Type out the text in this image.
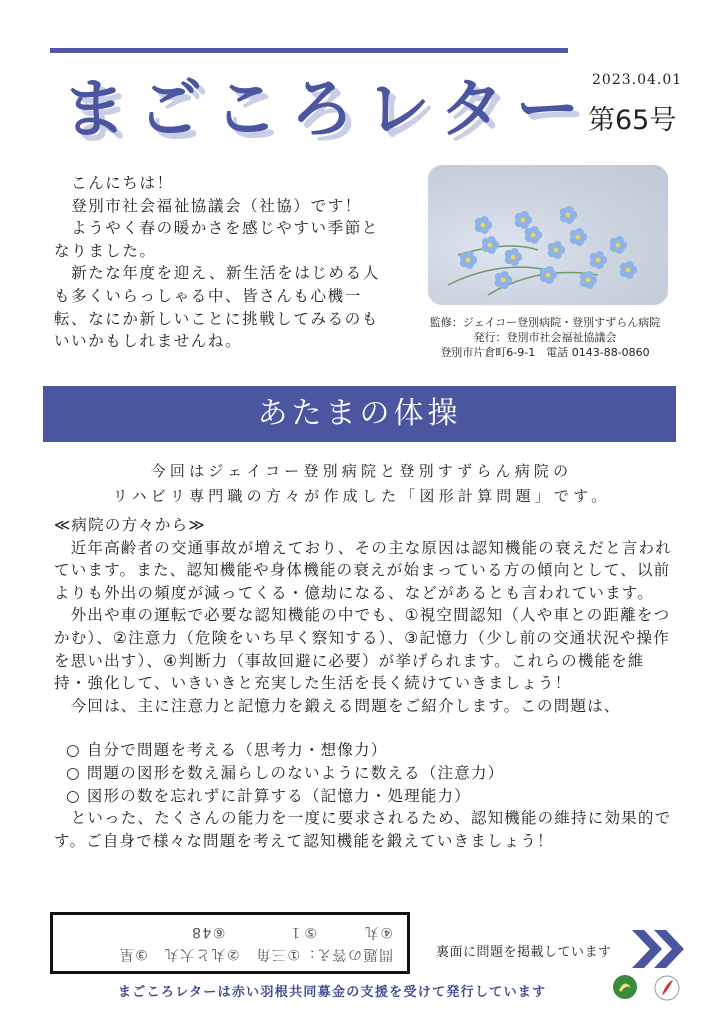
まごころレター 2023.04.01
第65号

　こんにちは！

　登別市社会福祉協議会（社協）です！

　ようやく春の暖かさを感じやすい季節となりました。

　新たな年度を迎え、新生活をはじめる人も多くいらっしゃる中、皆さんも心機一転、なにか新しいことに挑戦してみるのもいいかもしれませんね。

監修：ジェイコー登別病院・登別すずらん病院
発行：登別市社会福祉協議会
登別市片倉町6-9-1　電話 0143-88-0860
あたまの体操
今回はジェイコー登別病院と登別すずらん病院の
リハビリ専門職の方々が作成した「図形計算問題」です。

≪病院の方々から≫

　近年高齢者の交通事故が増えており、その主な原因は認知機能の衰えだと言われています。また、認知機能や身体機能の衰えが始まっている方の傾向として、以前よりも外出の頻度が減ってくる・億劫になる、などがあるとも言われています。

　外出や車の運転で必要な認知機能の中でも、①視空間認知（人や車との距離をつかむ）、②注意力（危険をいち早く察知する）、③記憶力（少し前の交通状況や操作を思い出す）、④判断力（事故回避に必要）が挙げられます。これらの機能を維持・強化して、いきいきと充実した生活を長く続けていきましょう！

　今回は、主に注意力と記憶力を鍛える問題をご紹介します。この問題は、

○ 自分で問題を考える（思考力・想像力）
○ 問題の図形を数え漏らしのないように数える（注意力）
○ 図形の数を忘れずに計算する（記憶力・処理能力）

　といった、たくさんの能力を一度に要求されるため、認知機能の維持に効果的です。ご自身で様々な問題を考えて認知機能を鍛えていきましょう！

問題の答え：①三角　②丸と大丸　③星
④丸　　　⑤１　　　　⑥48
裏面に問題を掲載しています
まごころレターは赤い羽根共同募金の支援を受けて発行しています
